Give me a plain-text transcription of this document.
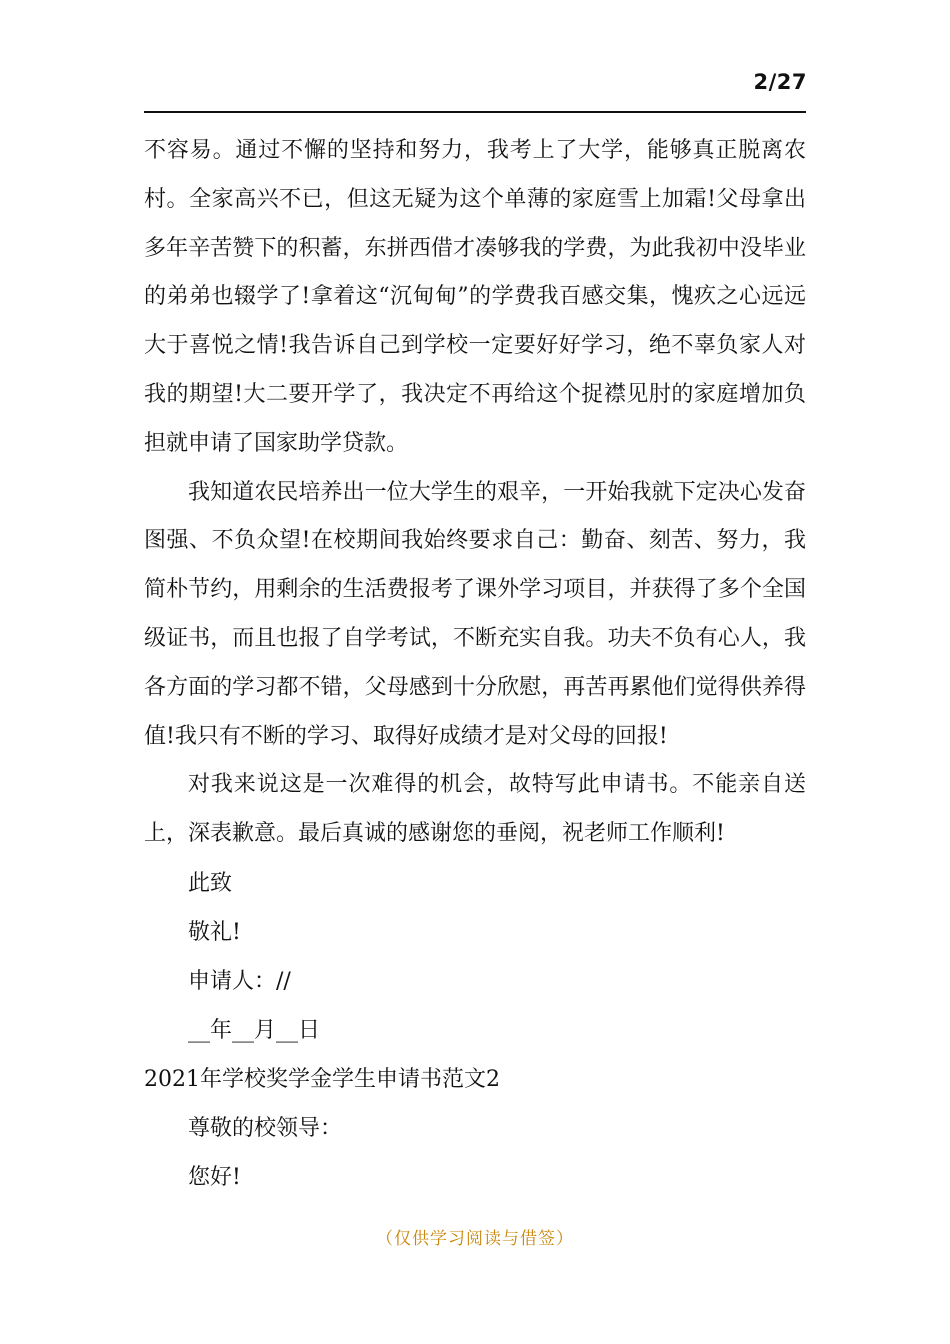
2/27

不容易。通过不懈的坚持和努力，我考上了大学，能够真正脱离农村。全家高兴不已，但这无疑为这个单薄的家庭雪上加霜!父母拿出多年辛苦赞下的积蓄，东拼西借才凑够我的学费，为此我初中没毕业的弟弟也辍学了!拿着这“沉甸甸”的学费我百感交集，愧疚之心远远大于喜悦之情!我告诉自己到学校一定要好好学习，绝不辜负家人对我的期望!大二要开学了，我决定不再给这个捉襟见肘的家庭增加负担就申请了国家助学贷款。

我知道农民培养出一位大学生的艰辛，一开始我就下定决心发奋图强、不负众望!在校期间我始终要求自己：勤奋、刻苦、努力，我简朴节约，用剩余的生活费报考了课外学习项目，并获得了多个全国级证书，而且也报了自学考试，不断充实自我。功夫不负有心人，我各方面的学习都不错，父母感到十分欣慰，再苦再累他们觉得供养得值!我只有不断的学习、取得好成绩才是对父母的回报!

对我来说这是一次难得的机会，故特写此申请书。不能亲自送上，深表歉意。最后真诚的感谢您的垂阅，祝老师工作顺利!

此致

敬礼!

申请人：//

__年__月__日

2021年学校奖学金学生申请书范文2

尊敬的校领导：

您好!

（仅供学习阅读与借签）
